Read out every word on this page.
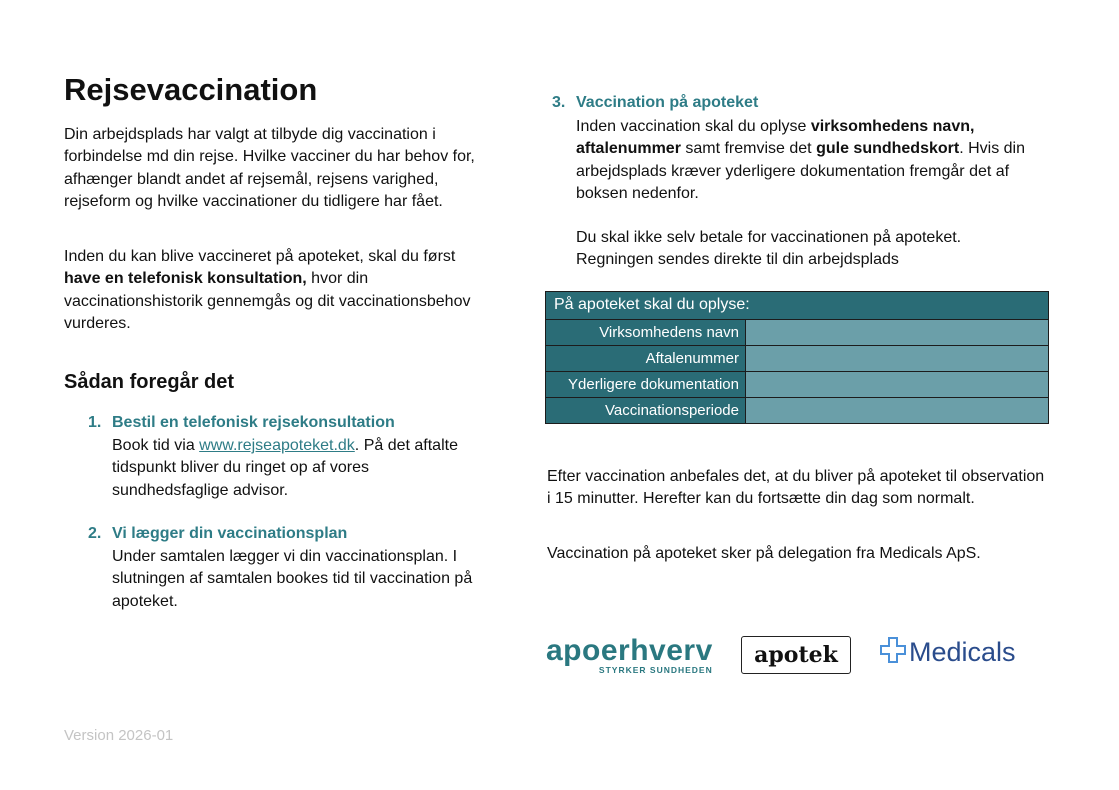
Rejsevaccination

Din arbejdsplads har valgt at tilbyde dig vaccination i forbindelse md din rejse. Hvilke vacciner du har behov for, afhænger blandt andet af rejsemål, rejsens varighed, rejseform og hvilke vaccinationer du tidligere har fået.

Inden du kan blive vaccineret på apoteket, skal du først have en telefonisk konsultation, hvor din vaccinationshistorik gennemgås og dit vaccinationsbehov vurderes.

Sådan foregår det
1. Bestil en telefonisk rejsekonsultation

Book tid via www.rejseapoteket.dk. På det aftalte tidspunkt bliver du ringet op af vores sundhedsfaglige advisor.

2. Vi lægger din vaccinationsplan

Under samtalen lægger vi din vaccinationsplan. I slutningen af samtalen bookes tid til vaccination på apoteket.

3. Vaccination på apoteket

Inden vaccination skal du oplyse virksomhedens navn, aftalenummer samt fremvise det gule sundhedskort. Hvis din arbejdsplads kræver yderligere dokumentation fremgår det af boksen nedenfor.

Du skal ikke selv betale for vaccinationen på apoteket. Regningen sendes direkte til din arbejdsplads

På apoteket skal du oplyse:
Virksomhedens navn
Aftalenummer
Yderligere dokumentation
Vaccinationsperiode

Efter vaccination anbefales det, at du bliver på apoteket til observation i 15 minutter. Herefter kan du fortsætte din dag som normalt.

Vaccination på apoteket sker på delegation fra Medicals ApS.

apoerhverv
STYRKER SUNDHEDEN
apotek	Medicals
Version 2026-01
